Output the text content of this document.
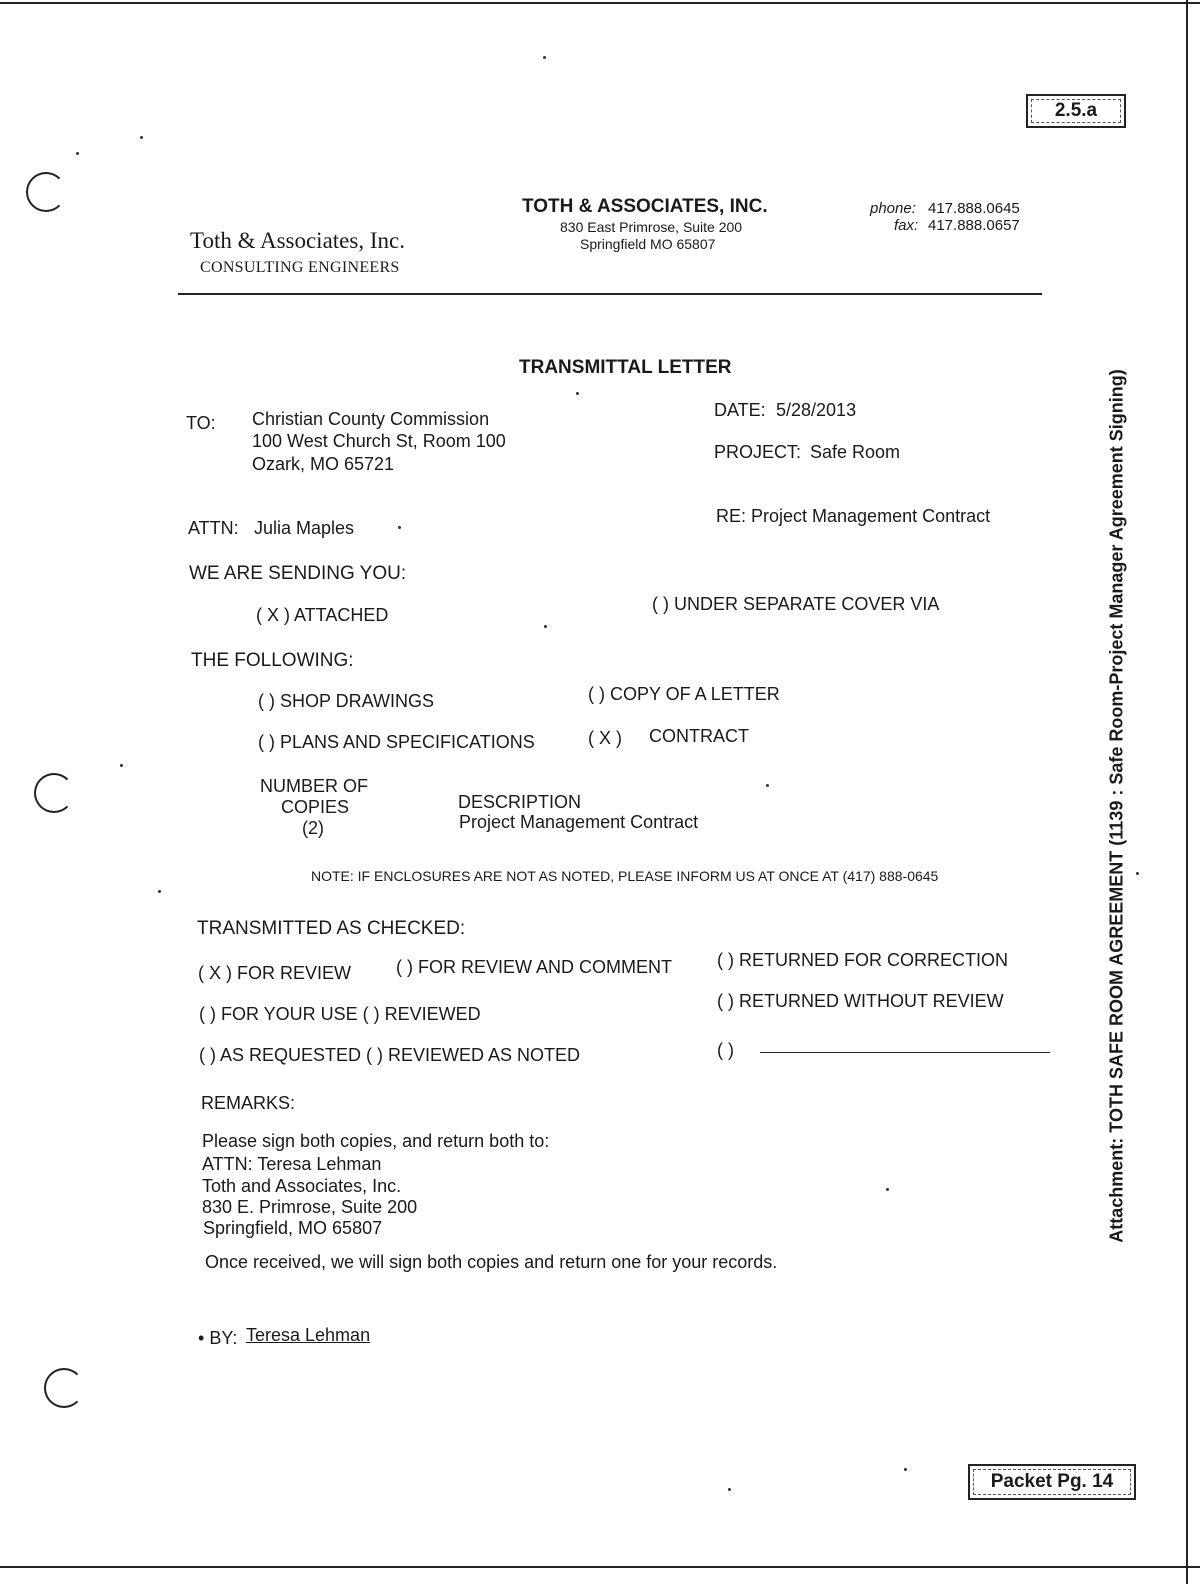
2.5.a
Packet Pg. 14
Attachment: TOTH SAFE ROOM AGREEMENT (1139 : Safe Room-Project Manager Agreement Signing)
Toth & Associates, Inc.
CONSULTING ENGINEERS
TOTH & ASSOCIATES, INC.
830 East Primrose, Suite 200
Springfield MO 65807
phone: 417.888.0645
fax: 417.888.0657
TRANSMITTAL LETTER
TO: Christian County Commission
100 West Church St, Room 100
Ozark, MO 65721
DATE: 5/28/2013
PROJECT: Safe Room
ATTN: Julia Maples
RE: Project Management Contract
WE ARE SENDING YOU:
( X ) ATTACHED
( ) UNDER SEPARATE COVER VIA
THE FOLLOWING:
( ) SHOP DRAWINGS	( ) COPY OF A LETTER
( ) PLANS AND SPECIFICATIONS	( X ) CONTRACT
NUMBER OF
COPIES
(2)
DESCRIPTION
Project Management Contract
NOTE: IF ENCLOSURES ARE NOT AS NOTED, PLEASE INFORM US AT ONCE AT (417) 888-0645
TRANSMITTED AS CHECKED:
( X ) FOR REVIEW	( ) FOR REVIEW AND COMMENT	( ) RETURNED FOR CORRECTION
( ) FOR YOUR USE ( ) REVIEWED
( ) RETURNED WITHOUT REVIEW
( ) AS REQUESTED ( ) REVIEWED AS NOTED	( )
REMARKS:
Please sign both copies, and return both to:
ATTN: Teresa Lehman
Toth and Associates, Inc.
830 E. Primrose, Suite 200
Springfield, MO 65807
Once received, we will sign both copies and return one for your records.
• BY: Teresa Lehman
